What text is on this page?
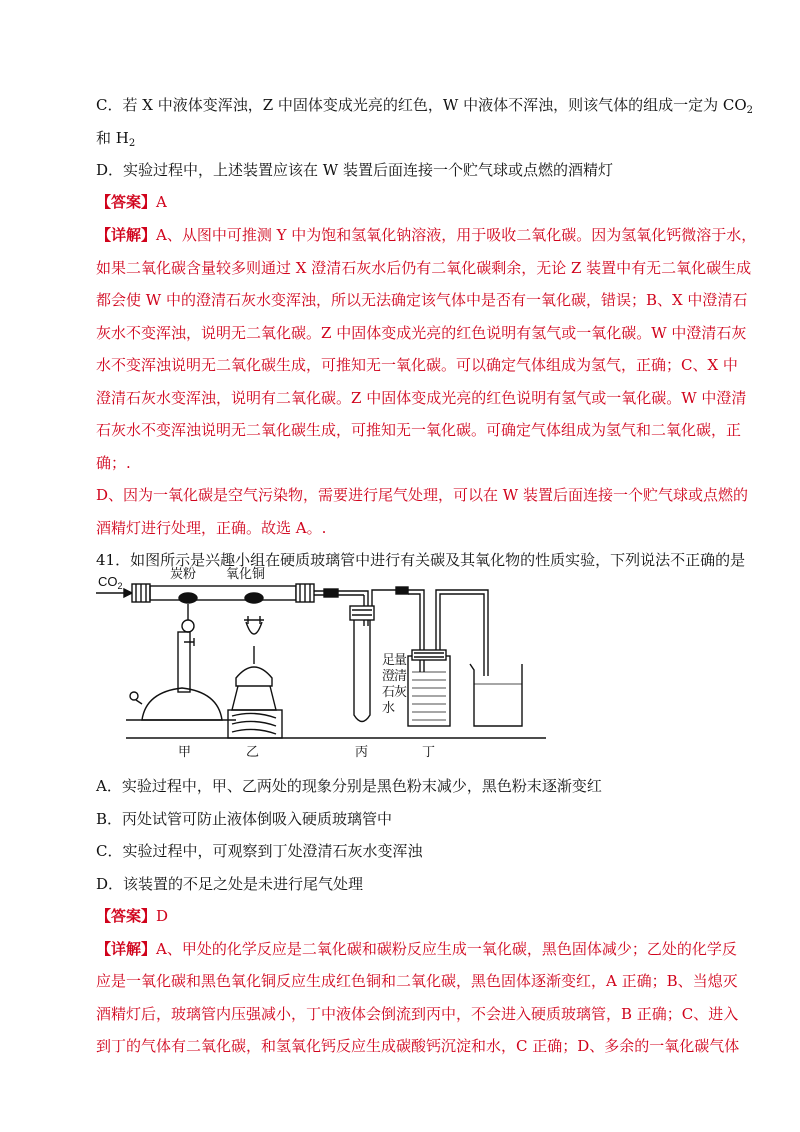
C．若 X 中液体变浑浊，Z 中固体变成光亮的红色，W 中液体不浑浊，则该气体的组成一定为 $CO_2$
和 $H_2$
D．实验过程中，上述装置应该在 W 装置后面连接一个贮气球或点燃的酒精灯
【答案】A
【详解】A、从图中可推测 Y 中为饱和氢氧化钠溶液，用于吸收二氧化碳。因为氢氧化钙微溶于水，
如果二氧化碳含量较多则通过 X 澄清石灰水后仍有二氧化碳剩余，无论 Z 装置中有无二氧化碳生成
都会使 W 中的澄清石灰水变浑浊，所以无法确定该气体中是否有一氧化碳，错误；B、X 中澄清石
灰水不变浑浊，说明无二氧化碳。Z 中固体变成光亮的红色说明有氢气或一氧化碳。W 中澄清石灰
水不变浑浊说明无二氧化碳生成，可推知无一氧化碳。可以确定气体组成为氢气，正确；C、X 中
澄清石灰水变浑浊，说明有二氧化碳。Z 中固体变成光亮的红色说明有氢气或一氧化碳。W 中澄清
石灰水不变浑浊说明无二氧化碳生成，可推知无一氧化碳。可确定气体组成为氢气和二氧化碳，正
确；.
D、因为一氧化碳是空气污染物，需要进行尾气处理，可以在 W 装置后面连接一个贮气球或点燃的
酒精灯进行处理，正确。故选 A。.
41．如图所示是兴趣小组在硬质玻璃管中进行有关碳及其氧化物的性质实验，下列说法不正确的是
$CO_2$
炭粉 氧化铜
足
量
澄
清
石
灰
水
甲	乙	丙	丁
A．实验过程中，甲、乙两处的现象分别是黑色粉末减少，黑色粉末逐渐变红
B．丙处试管可防止液体倒吸入硬质玻璃管中
C．实验过程中，可观察到丁处澄清石灰水变浑浊
D．该装置的不足之处是未进行尾气处理
【答案】D
【详解】A、甲处的化学反应是二氧化碳和碳粉反应生成一氧化碳，黑色固体减少；乙处的化学反
应是一氧化碳和黑色氧化铜反应生成红色铜和二氧化碳，黑色固体逐渐变红，A 正确；B、当熄灭
酒精灯后，玻璃管内压强减小，丁中液体会倒流到丙中，不会进入硬质玻璃管，B 正确；C、进入
到丁的气体有二氧化碳，和氢氧化钙反应生成碳酸钙沉淀和水，C 正确；D、多余的一氧化碳气体
